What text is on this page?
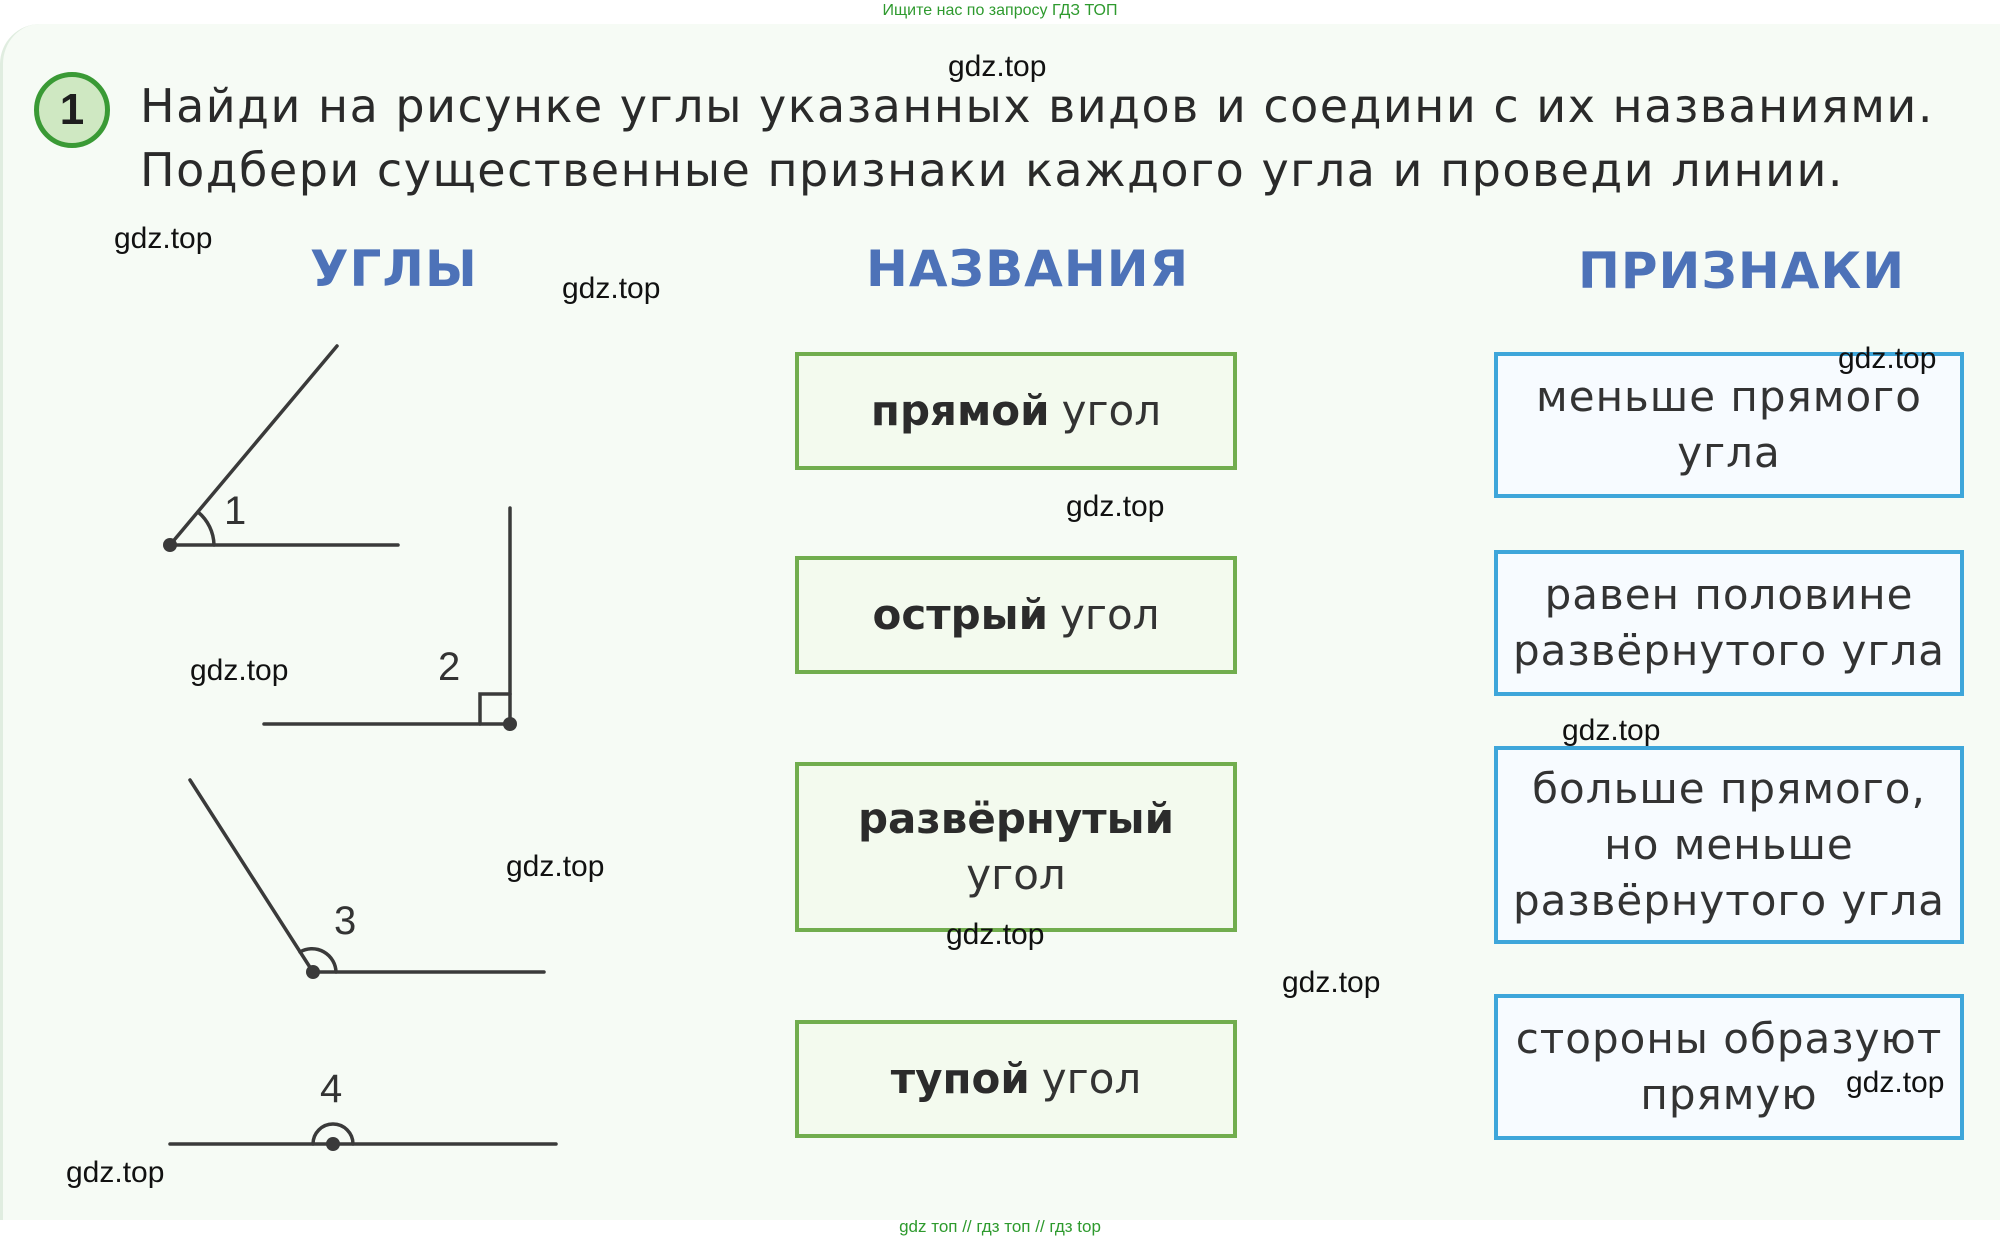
Ищите нас по запросу ГДЗ ТОП
1	Найди на рисунке углы указанных видов и соедини с их названиями.
Подбери существенные признаки каждого угла и проведи линии.
УГЛЫ	НАЗВАНИЯ	ПРИЗНАКИ
1
2
3
4
прямой угол
острый угол
развёрнутый
угол
тупой угол
меньше прямого
угла
равен половине
развёрнутого угла
больше прямого,
но меньше
развёрнутого угла
стороны образуют
прямую
gdz.top
gdz.top
gdz.top
gdz.top
gdz.top
gdz.top
gdz.top
gdz.top
gdz.top
gdz.top
gdz.top
gdz.top
gdz топ // гдз топ // гдз top
